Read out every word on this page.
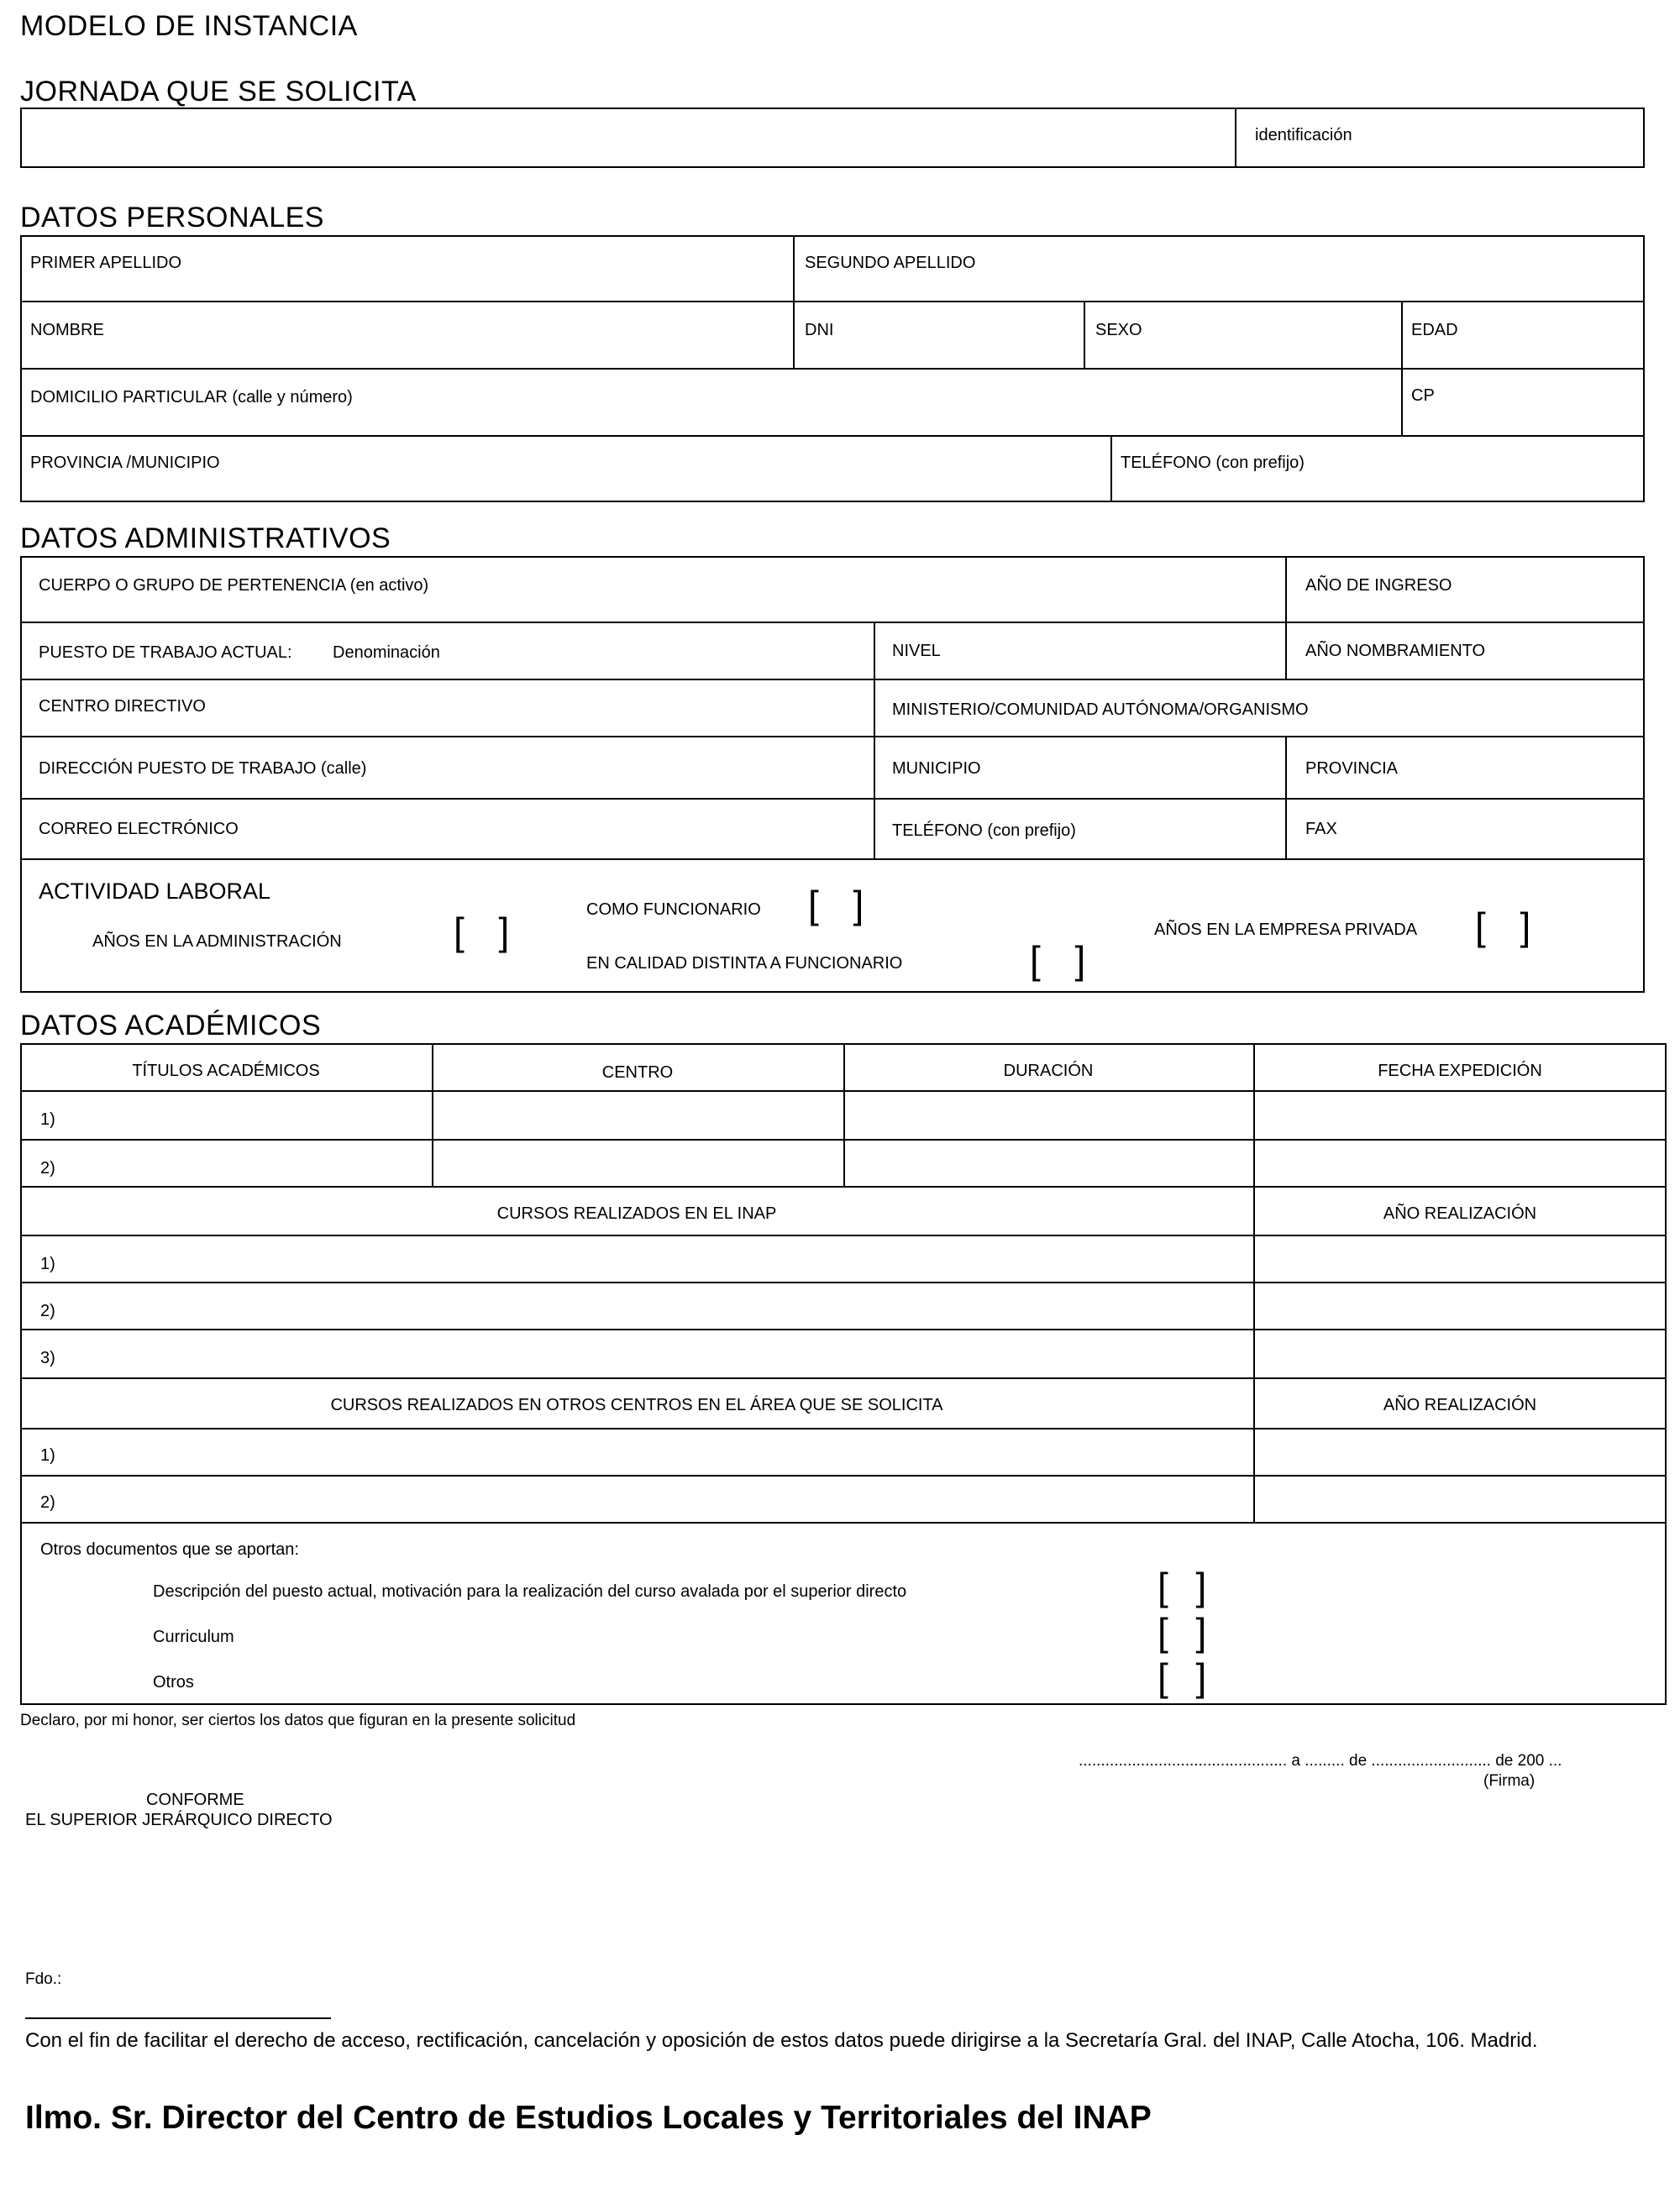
MODELO DE INSTANCIA
JORNADA QUE SE SOLICITA
identificación
DATOS PERSONALES
PRIMER APELLIDO	SEGUNDO APELLIDO
NOMBRE	DNI	SEXO	EDAD
DOMICILIO PARTICULAR (calle y número)	CP
PROVINCIA /MUNICIPIO	TELÉFONO (con prefijo)
DATOS ADMINISTRATIVOS
CUERPO O GRUPO DE PERTENENCIA (en activo)	AÑO DE INGRESO
PUESTO DE TRABAJO ACTUAL: Denominación	NIVEL	AÑO NOMBRAMIENTO
CENTRO DIRECTIVO	MINISTERIO/COMUNIDAD AUTÓNOMA/ORGANISMO
DIRECCIÓN PUESTO DE TRABAJO (calle)	MUNICIPIO	PROVINCIA
CORREO ELECTRÓNICO	TELÉFONO (con prefijo)	FAX
ACTIVIDAD LABORAL
AÑOS EN LA ADMINISTRACIÓN	[ ]	COMO FUNCIONARIO [ ]
EN CALIDAD DISTINTA A FUNCIONARIO	[ ]
AÑOS EN LA EMPRESA PRIVADA [ ]
DATOS ACADÉMICOS
TÍTULOS ACADÉMICOS	CENTRO	DURACIÓN	FECHA EXPEDICIÓN
1)
2)
CURSOS REALIZADOS EN EL INAP	AÑO REALIZACIÓN
1)
2)
3)
CURSOS REALIZADOS EN OTROS CENTROS EN EL ÁREA QUE SE SOLICITA	AÑO REALIZACIÓN
1)
2)
Otros documentos que se aportan:
Descripción del puesto actual, motivación para la realización del curso avalada por el superior directo	[ ]
Curriculum	[ ]
Otros	[ ]
Declaro, por mi honor, ser ciertos los datos que figuran en la presente solicitud
............................................... a ......... de ........................... de 200 ...
(Firma)
CONFORME
EL SUPERIOR JERÁRQUICO DIRECTO
Fdo.:
Con el fin de facilitar el derecho de acceso, rectificación, cancelación y oposición de estos datos puede dirigirse a la Secretaría Gral. del INAP, Calle Atocha, 106. Madrid.
Ilmo. Sr. Director del Centro de Estudios Locales y Territoriales del INAP
